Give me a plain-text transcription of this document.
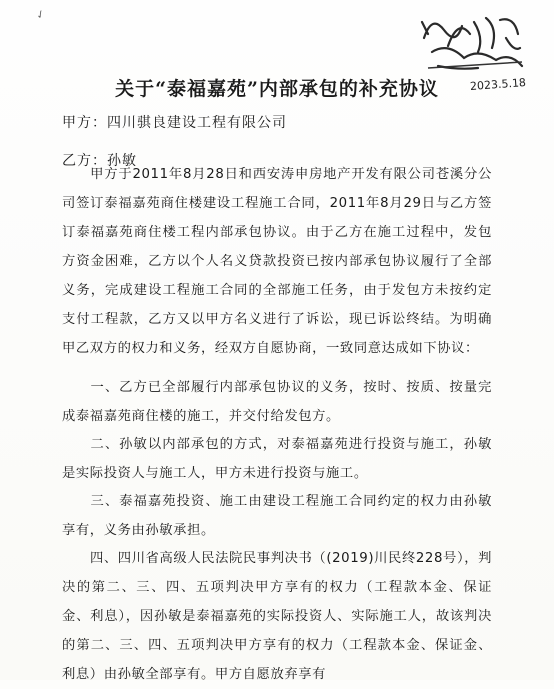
✓
2023.5.18
关于“泰福嘉苑”内部承包的补充协议
甲方：四川骐良建设工程有限公司
乙方：孙敏
甲方于2011年8月28日和西安涛申房地产开发有限公司苍溪分公司签订泰福嘉苑商住楼建设工程施工合同，2011年8月29日与乙方签订泰福嘉苑商住楼工程内部承包协议。由于乙方在施工过程中，发包方资金困难，乙方以个人名义贷款投资已按内部承包协议履行了全部义务，完成建设工程施工合同的全部施工任务，由于发包方未按约定支付工程款，乙方又以甲方名义进行了诉讼，现已诉讼终结。为明确甲乙双方的权力和义务，经双方自愿协商，一致同意达成如下协议：
一、乙方已全部履行内部承包协议的义务，按时、按质、按量完成泰福嘉苑商住楼的施工，并交付给发包方。
二、孙敏以内部承包的方式，对泰福嘉苑进行投资与施工，孙敏是实际投资人与施工人，甲方未进行投资与施工。
三、泰福嘉苑投资、施工由建设工程施工合同约定的权力由孙敏享有，义务由孙敏承担。
四、四川省高级人民法院民事判决书（(2019)川民终228号），判决的第二、三、四、五项判决甲方享有的权力（工程款本金、保证金、利息），因孙敏是泰福嘉苑的实际投资人、实际施工人，故该判决的第二、三、四、五项判决甲方享有的权力（工程款本金、保证金、利息）由孙敏全部享有。甲方自愿放弃享有
